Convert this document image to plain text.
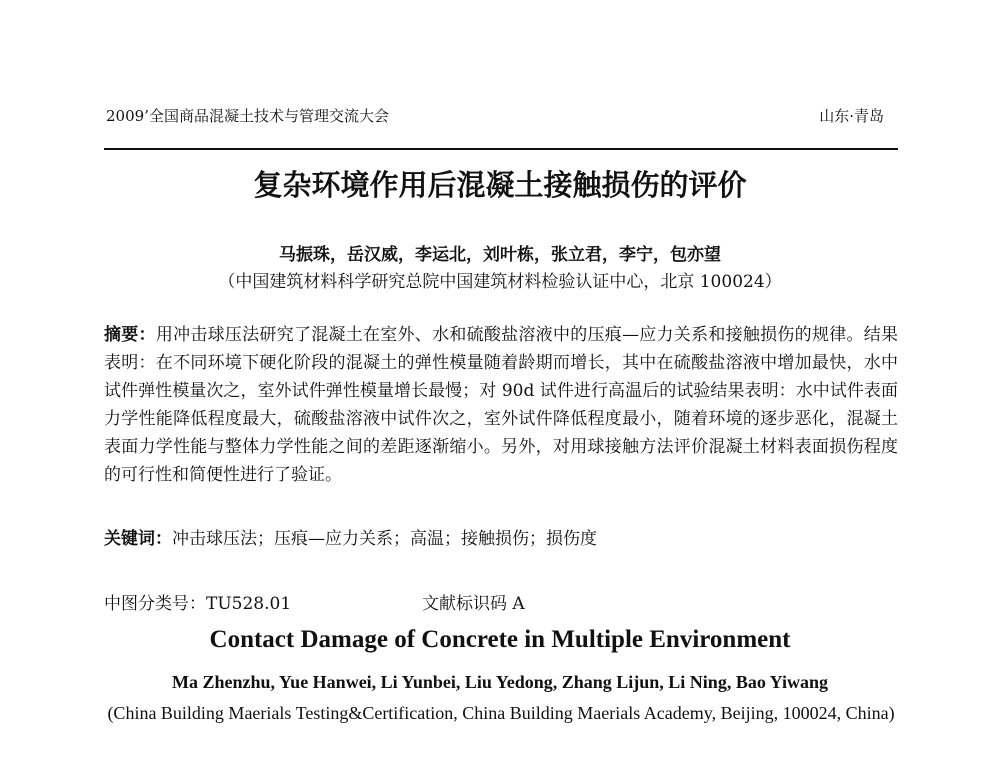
2009’全国商品混凝土技术与管理交流大会	山东·青岛
复杂环境作用后混凝土接触损伤的评价
马振珠，岳汉威，李运北，刘叶栋，张立君，李宁，包亦望
（中国建筑材料科学研究总院中国建筑材料检验认证中心，北京 100024）
摘要：用冲击球压法研究了混凝土在室外、水和硫酸盐溶液中的压痕—应力关系和接触损伤的规律。结果表明：在不同环境下硬化阶段的混凝土的弹性模量随着龄期而增长，其中在硫酸盐溶液中增加最快，水中试件弹性模量次之，室外试件弹性模量增长最慢；对 90d 试件进行高温后的试验结果表明：水中试件表面力学性能降低程度最大，硫酸盐溶液中试件次之，室外试件降低程度最小，随着环境的逐步恶化，混凝土表面力学性能与整体力学性能之间的差距逐渐缩小。另外，对用球接触方法评价混凝土材料表面损伤程度的可行性和简便性进行了验证。
关键词：冲击球压法；压痕—应力关系；高温；接触损伤；损伤度
中图分类号：TU528.01	文献标识码 A
Contact Damage of Concrete in Multiple Environment
Ma Zhenzhu, Yue Hanwei, Li Yunbei, Liu Yedong, Zhang Lijun, Li Ning, Bao Yiwang
(China Building Maerials Testing&Certification, China Building Maerials Academy, Beijing, 100024, China)
